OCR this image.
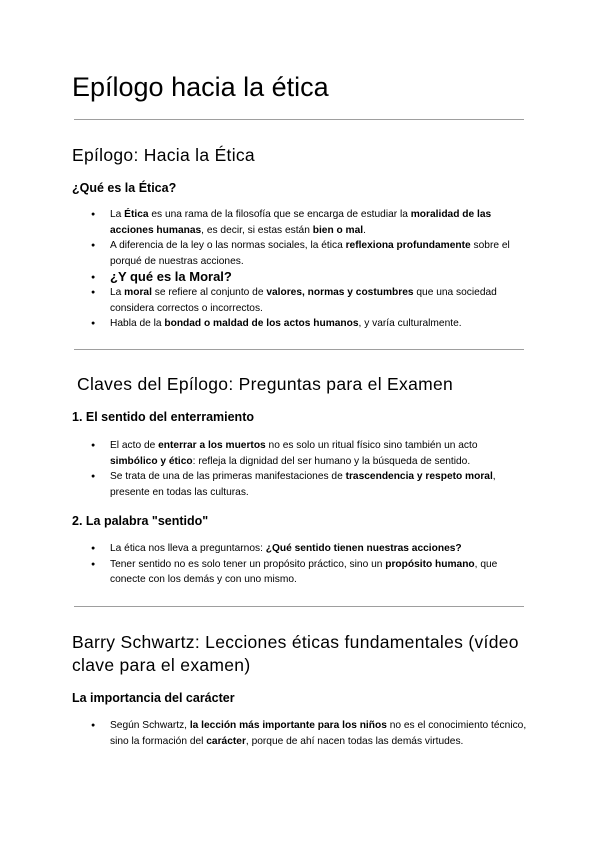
Epílogo hacia la ética
Epílogo: Hacia la Ética
¿Qué es la Ética?
● La Ética es una rama de la filosofía que se encarga de estudiar la moralidad de las acciones humanas, es decir, si estas están bien o mal.
● A diferencia de la ley o las normas sociales, la ética reflexiona profundamente sobre el porqué de nuestras acciones.
● ¿Y qué es la Moral?
● La moral se refiere al conjunto de valores, normas y costumbres que una sociedad considera correctos o incorrectos.
● Habla de la bondad o maldad de los actos humanos, y varía culturalmente.
Claves del Epílogo: Preguntas para el Examen
1. El sentido del enterramiento
● El acto de enterrar a los muertos no es solo un ritual físico sino también un acto simbólico y ético: refleja la dignidad del ser humano y la búsqueda de sentido.
● Se trata de una de las primeras manifestaciones de trascendencia y respeto moral, presente en todas las culturas.
2. La palabra "sentido"
● La ética nos lleva a preguntarnos: ¿Qué sentido tienen nuestras acciones?
● Tener sentido no es solo tener un propósito práctico, sino un propósito humano, que conecte con los demás y con uno mismo.
Barry Schwartz: Lecciones éticas fundamentales (vídeo clave para el examen)
La importancia del carácter
● Según Schwartz, la lección más importante para los niños no es el conocimiento técnico, sino la formación del carácter, porque de ahí nacen todas las demás virtudes.
